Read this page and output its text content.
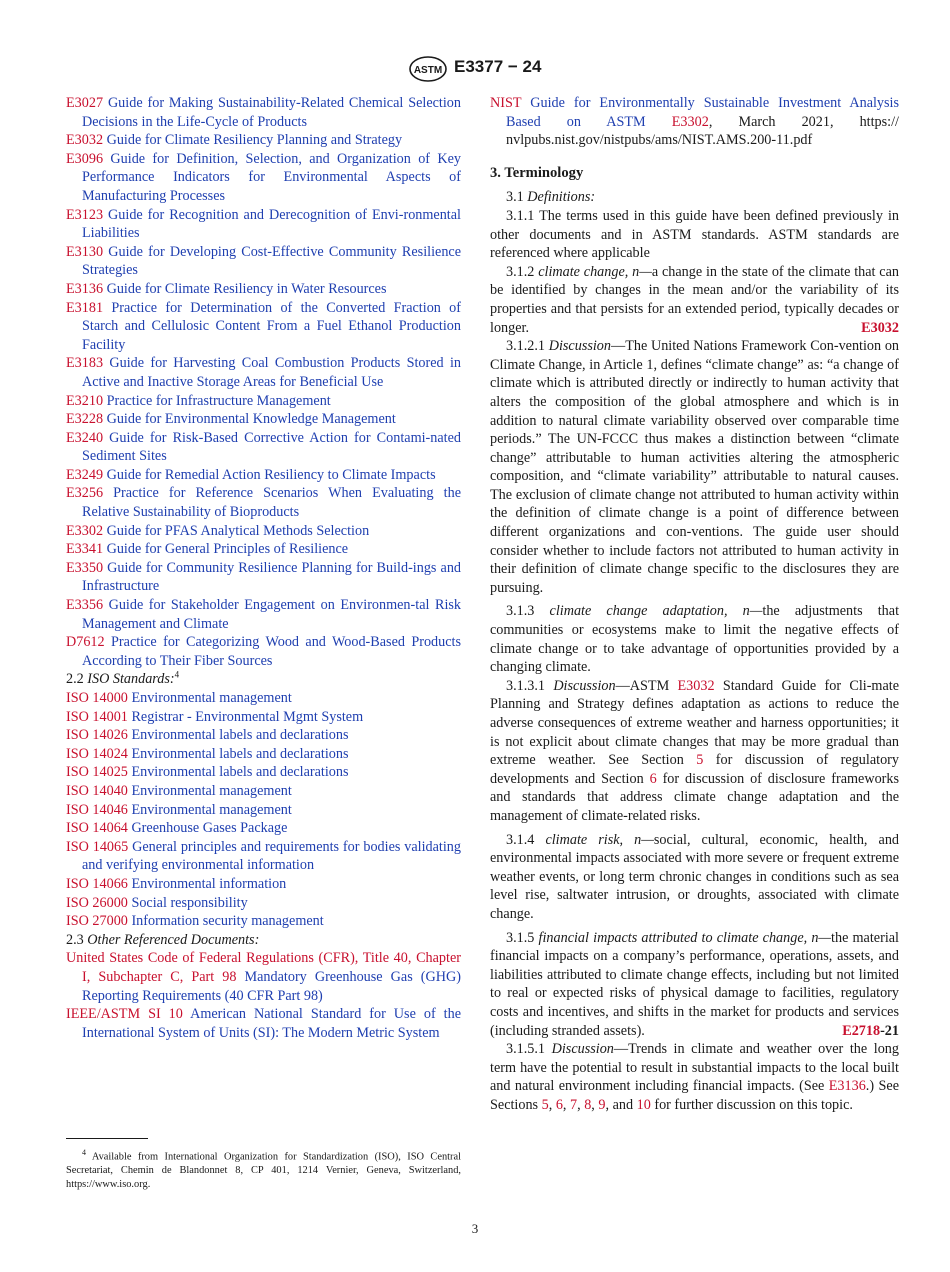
ASTM E3377 − 24
E3027 Guide for Making Sustainability-Related Chemical Selection Decisions in the Life-Cycle of Products
E3032 Guide for Climate Resiliency Planning and Strategy
E3096 Guide for Definition, Selection, and Organization of Key Performance Indicators for Environmental Aspects of Manufacturing Processes
E3123 Guide for Recognition and Derecognition of Envi-ronmental Liabilities
E3130 Guide for Developing Cost-Effective Community Resilience Strategies
E3136 Guide for Climate Resiliency in Water Resources
E3181 Practice for Determination of the Converted Fraction of Starch and Cellulosic Content From a Fuel Ethanol Production Facility
E3183 Guide for Harvesting Coal Combustion Products Stored in Active and Inactive Storage Areas for Beneficial Use
E3210 Practice for Infrastructure Management
E3228 Guide for Environmental Knowledge Management
E3240 Guide for Risk-Based Corrective Action for Contami-nated Sediment Sites
E3249 Guide for Remedial Action Resiliency to Climate Impacts
E3256 Practice for Reference Scenarios When Evaluating the Relative Sustainability of Bioproducts
E3302 Guide for PFAS Analytical Methods Selection
E3341 Guide for General Principles of Resilience
E3350 Guide for Community Resilience Planning for Build-ings and Infrastructure
E3356 Guide for Stakeholder Engagement on Environmen-tal Risk Management and Climate
D7612 Practice for Categorizing Wood and Wood-Based Products According to Their Fiber Sources
2.2 ISO Standards:$^4$
ISO 14000 Environmental management
ISO 14001 Registrar - Environmental Mgmt System
ISO 14026 Environmental labels and declarations
ISO 14024 Environmental labels and declarations
ISO 14025 Environmental labels and declarations
ISO 14040 Environmental management
ISO 14046 Environmental management
ISO 14064 Greenhouse Gases Package
ISO 14065 General principles and requirements for bodies validating and verifying environmental information
ISO 14066 Environmental information
ISO 26000 Social responsibility
ISO 27000 Information security management
2.3 Other Referenced Documents:
United States Code of Federal Regulations (CFR), Title 40, Chapter I, Subchapter C, Part 98 Mandatory Greenhouse Gas (GHG) Reporting Requirements (40 CFR Part 98)
IEEE/ASTM SI 10 American National Standard for Use of the International System of Units (SI): The Modern Metric System
NIST Guide for Environmentally Sustainable Investment Analysis Based on ASTM E3302, March 2021, https:// nvlpubs.nist.gov/nistpubs/ams/NIST.AMS.200-11.pdf
3. Terminology

3.1 Definitions:

3.1.1 The terms used in this guide have been defined previously in other documents and in ASTM standards. ASTM standards are referenced where applicable

3.1.2 climate change, n—a change in the state of the climate that can be identified by changes in the mean and/or the variability of its properties and that persists for an extended period, typically decades or longer.	E3032

3.1.2.1 Discussion—The United Nations Framework Con-vention on Climate Change, in Article 1, defines “climate change” as: “a change of climate which is attributed directly or indirectly to human activity that alters the composition of the global atmosphere and which is in addition to natural climate variability observed over comparable time periods.” The UN-FCCC thus makes a distinction between “climate change” attributable to human activities altering the atmospheric composition, and “climate variability” attributable to natural causes. The exclusion of climate change not attributed to human activity within the definition of climate change is a point of difference between different organizations and con-ventions. The guide user should consider whether to include factors not attributed to human activity in their definition of climate change specific to the disclosures they are pursuing.

3.1.3 climate change adaptation, n—the adjustments that communities or ecosystems make to limit the negative effects of climate change or to take advantage of opportunities provided by a changing climate.

3.1.3.1 Discussion—ASTM E3032 Standard Guide for Cli-mate Planning and Strategy defines adaptation as actions to reduce the adverse consequences of extreme weather and harness opportunities; it is not explicit about climate changes that may be more gradual than extreme weather. See Section 5 for discussion of regulatory developments and Section 6 for discussion of disclosure frameworks and standards that address climate change adaptation and the management of climate-related risks.

3.1.4 climate risk, n—social, cultural, economic, health, and environmental impacts associated with more severe or frequent extreme weather events, or long term chronic changes in conditions such as sea level rise, saltwater intrusion, or droughts, associated with climate change.

3.1.5 financial impacts attributed to climate change, n—the material financial impacts on a company’s performance, operations, assets, and liabilities attributed to climate change effects, including but not limited to real or expected risks of physical damage to facilities, regulatory costs and incentives, and shifts in the market for products and services (including stranded assets).	E2718-21

3.1.5.1 Discussion—Trends in climate and weather over the long term have the potential to result in substantial impacts to the local built and natural environment including financial impacts. (See E3136.) See Sections 5, 6, 7, 8, 9, and 10 for further discussion on this topic.

$^4$ Available from International Organization for Standardization (ISO), ISO Central Secretariat, Chemin de Blandonnet 8, CP 401, 1214 Vernier, Geneva, Switzerland, https://www.iso.org.
3
